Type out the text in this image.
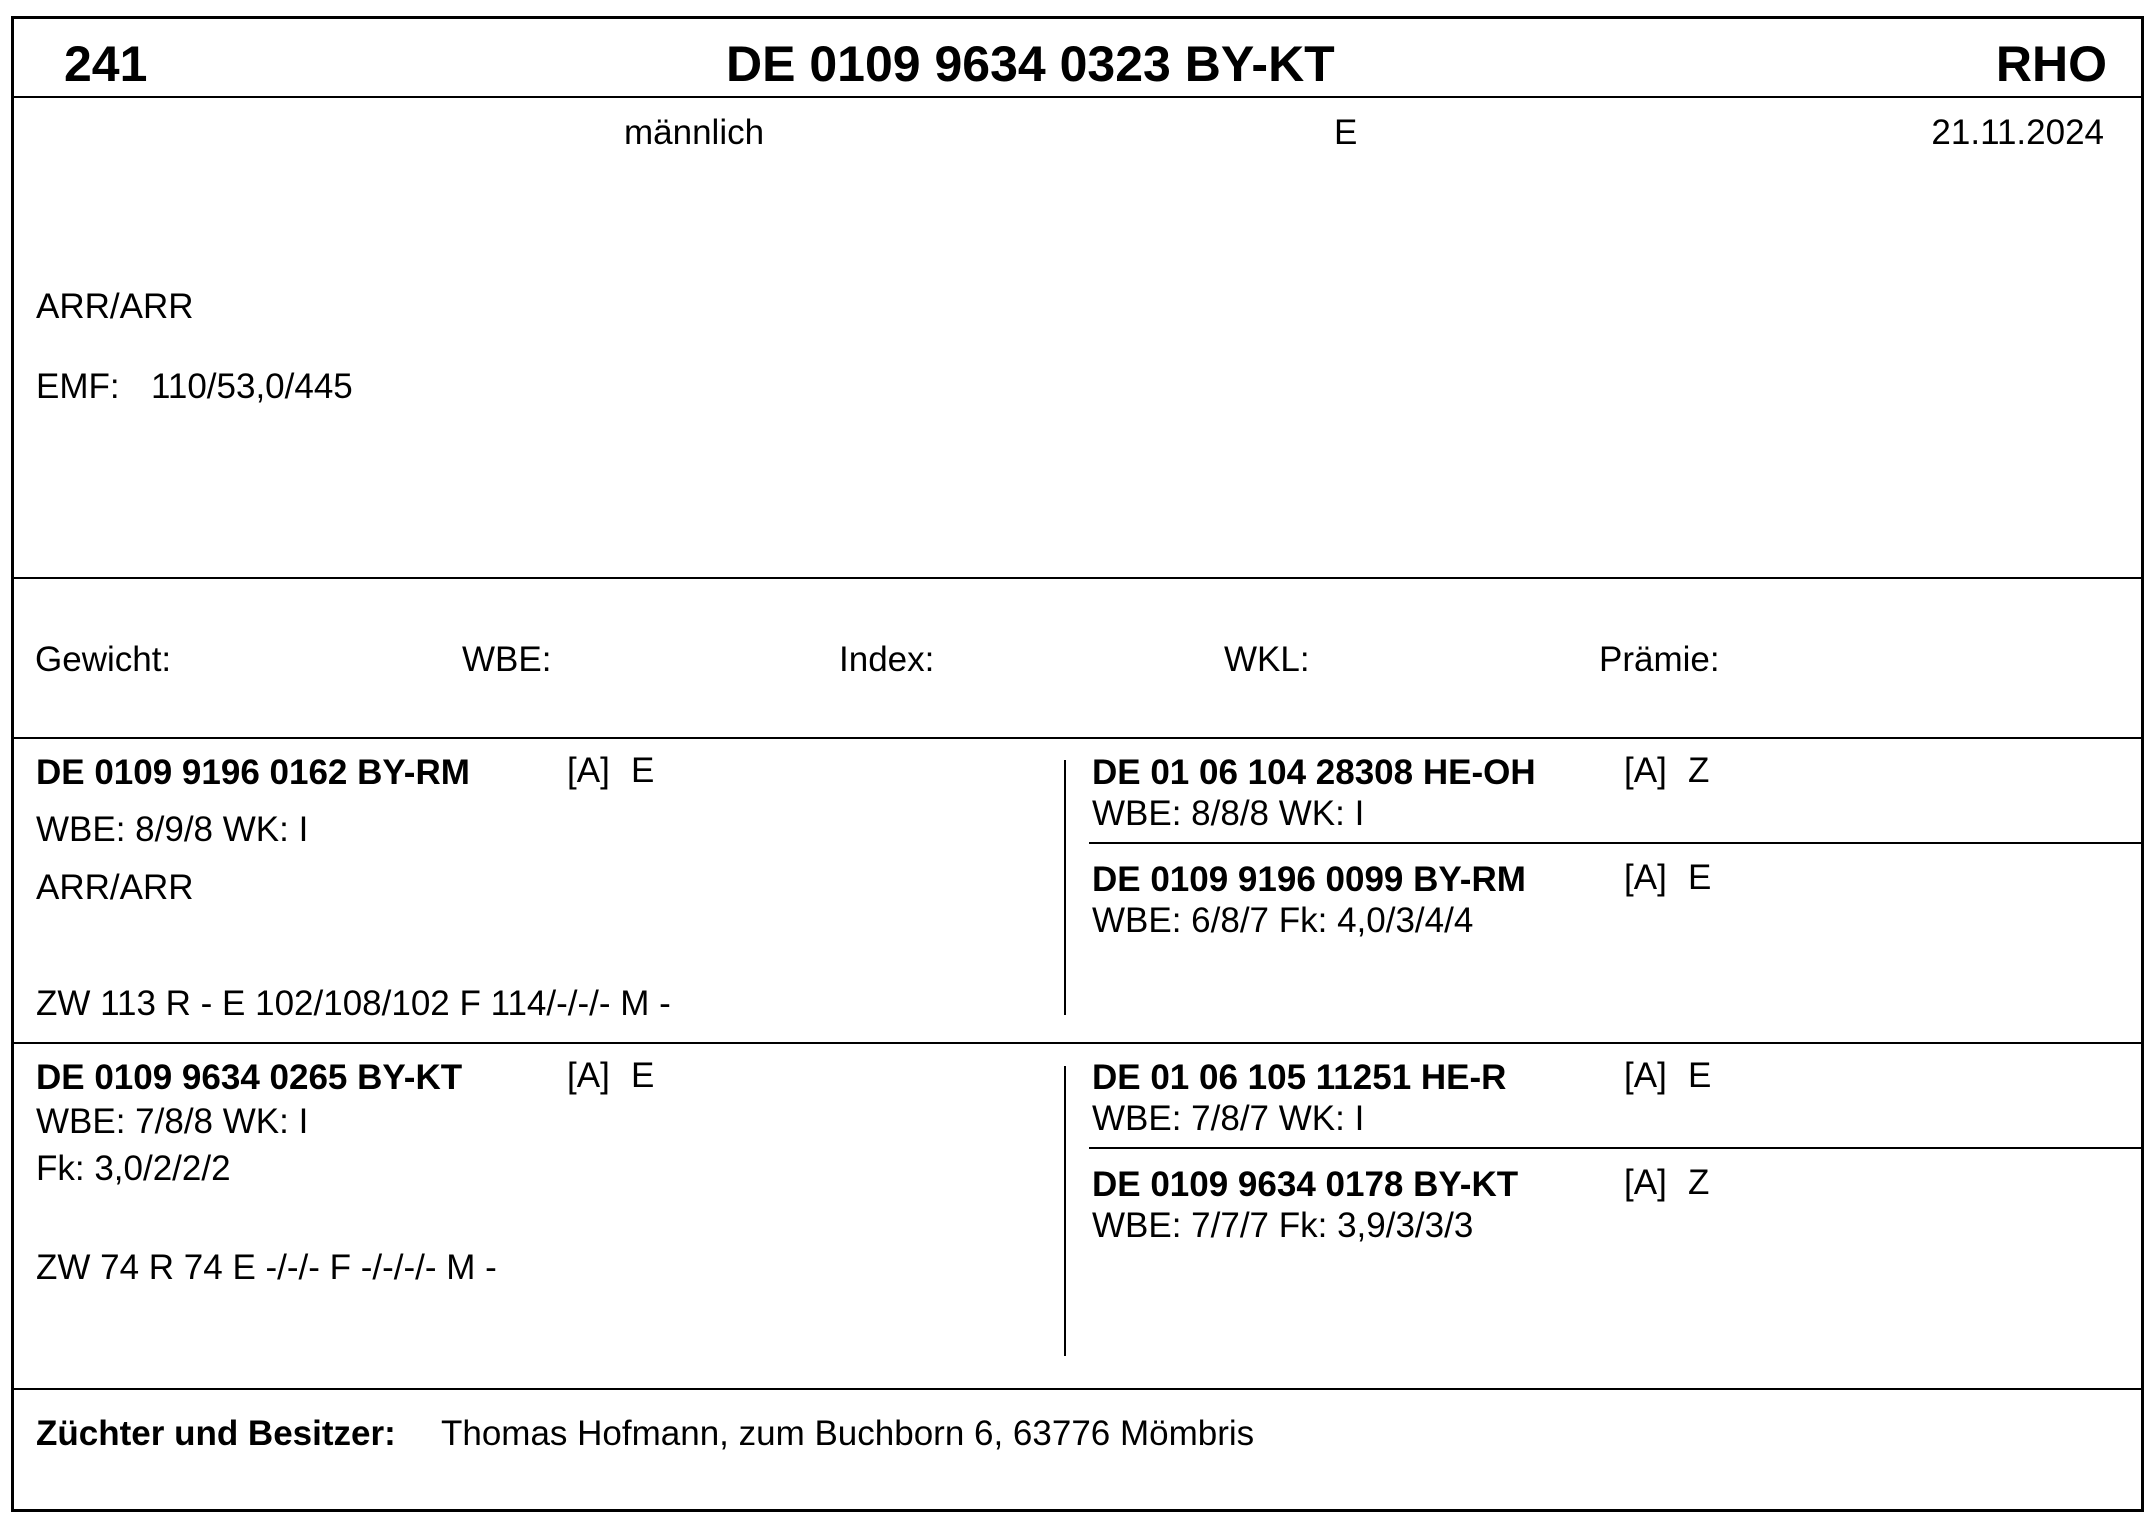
241	DE 0109 9634 0323 BY-KT	RHO
männlich	E	21.11.2024
ARR/ARR
EMF: 110/53,0/445
Gewicht:	WBE:	Index:	WKL:	Prämie:
DE 0109 9196 0162 BY-RM	[A] E
WBE: 8/9/8 WK: I
ARR/ARR
ZW 113 R - E 102/108/102 F 114/-/-/- M -
DE 01 06 104 28308 HE-OH	[A] Z
WBE: 8/8/8 WK: I
DE 0109 9196 0099 BY-RM	[A] E
WBE: 6/8/7 Fk: 4,0/3/4/4
DE 0109 9634 0265 BY-KT	[A] E
WBE: 7/8/8 WK: I
Fk: 3,0/2/2/2
ZW 74 R 74 E -/-/- F -/-/-/- M -
DE 01 06 105 11251 HE-R	[A] E
WBE: 7/8/7 WK: I
DE 0109 9634 0178 BY-KT	[A] Z
WBE: 7/7/7 Fk: 3,9/3/3/3
Züchter und Besitzer: Thomas Hofmann, zum Buchborn 6, 63776 Mömbris
